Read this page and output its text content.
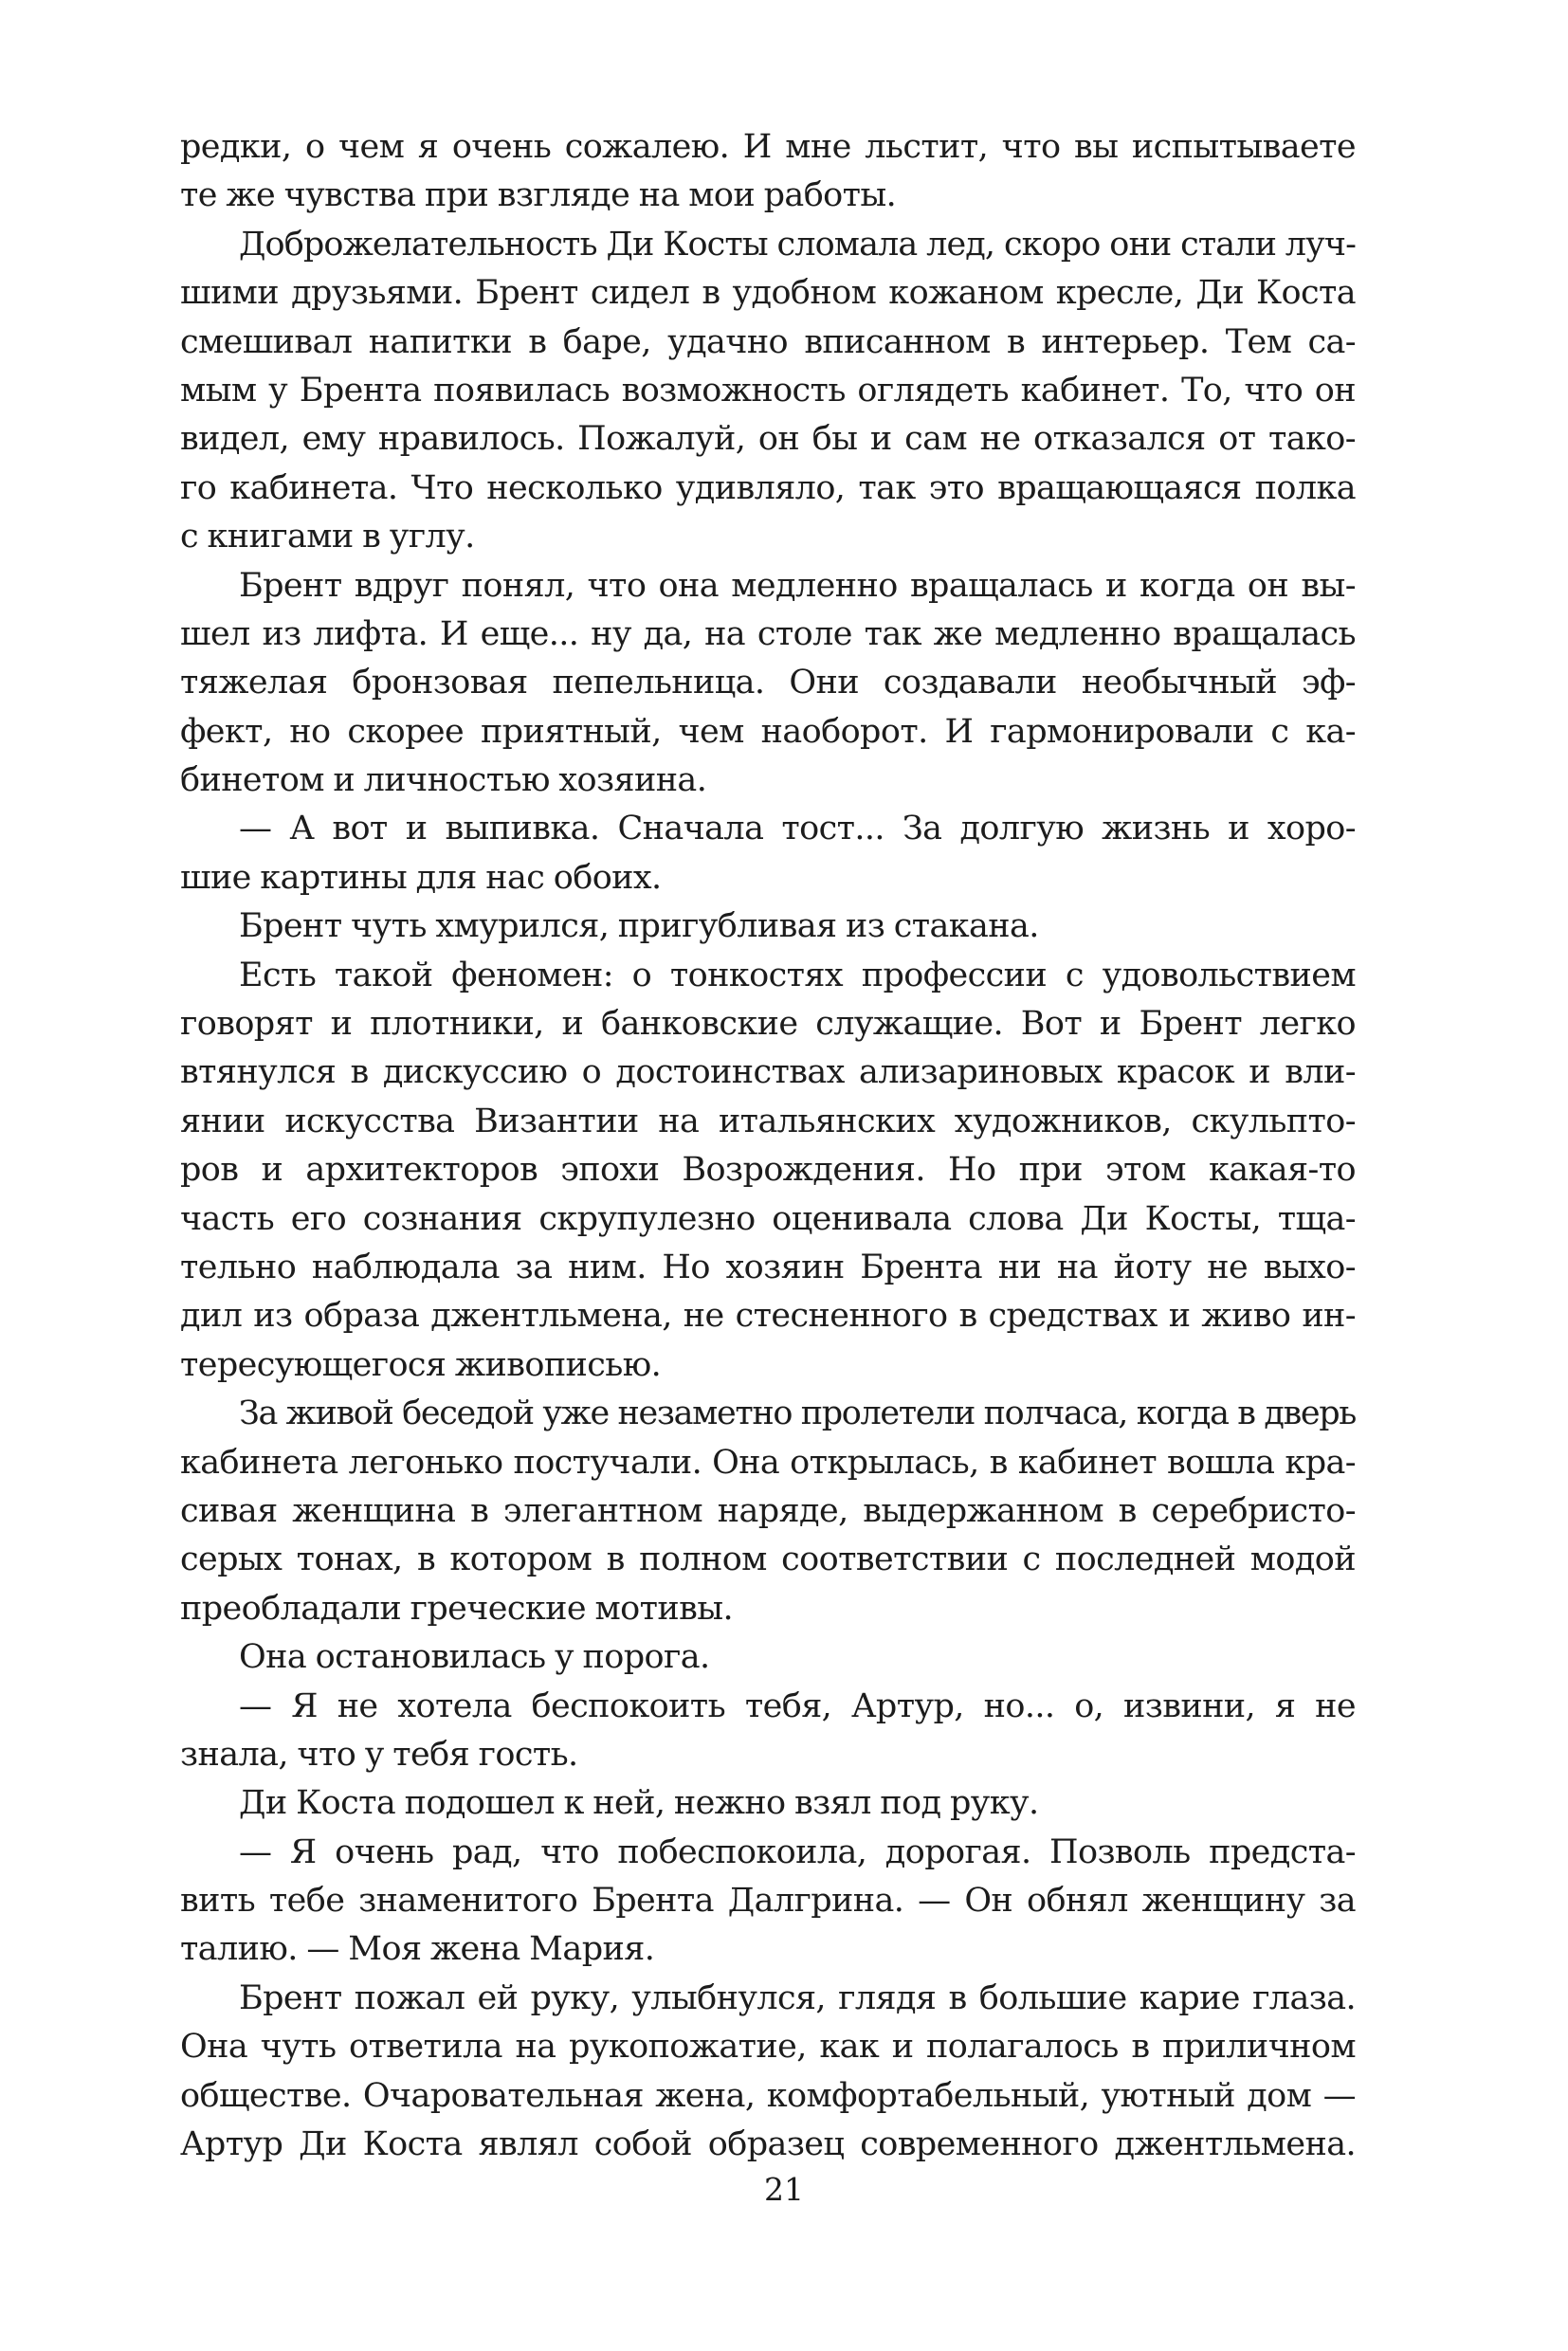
редки, о чем я очень сожалею. И мне льстит, что вы испытываете
те же чувства при взгляде на мои работы.
Доброжелательность Ди Косты сломала лед, скоро они стали луч-
шими друзьями. Брент сидел в удобном кожаном кресле, Ди Коста
смешивал напитки в баре, удачно вписанном в интерьер. Тем са-
мым у Брента появилась возможность оглядеть кабинет. То, что он
видел, ему нравилось. Пожалуй, он бы и сам не отказался от тако-
го кабинета. Что несколько удивляло, так это вращающаяся полка
с книгами в углу.
Брент вдруг понял, что она медленно вращалась и когда он вы-
шел из лифта. И еще... ну да, на столе так же медленно вращалась
тяжелая бронзовая пепельница. Они создавали необычный эф-
фект, но скорее приятный, чем наоборот. И гармонировали с ка-
бинетом и личностью хозяина.
— А вот и выпивка. Сначала тост... За долгую жизнь и хоро-
шие картины для нас обоих.
Брент чуть хмурился, пригубливая из стакана.
Есть такой феномен: о тонкостях профессии с удовольствием
говорят и плотники, и банковские служащие. Вот и Брент легко
втянулся в дискуссию о достоинствах ализариновых красок и вли-
янии искусства Византии на итальянских художников, скульпто-
ров и архитекторов эпохи Возрождения. Но при этом какая-то
часть его сознания скрупулезно оценивала слова Ди Косты, тща-
тельно наблюдала за ним. Но хозяин Брента ни на йоту не выхо-
дил из образа джентльмена, не стесненного в средствах и живо ин-
тересующегося живописью.
За живой беседой уже незаметно пролетели полчаса, когда в дверь
кабинета легонько постучали. Она открылась, в кабинет вошла кра-
сивая женщина в элегантном наряде, выдержанном в серебристо-
серых тонах, в котором в полном соответствии с последней модой
преобладали греческие мотивы.
Она остановилась у порога.
— Я не хотела беспокоить тебя, Артур, но... о, извини, я не
знала, что у тебя гость.
Ди Коста подошел к ней, нежно взял под руку.
— Я очень рад, что побеспокоила, дорогая. Позволь предста-
вить тебе знаменитого Брента Далгрина. — Он обнял женщину за
талию. — Моя жена Мария.
Брент пожал ей руку, улыбнулся, глядя в большие карие глаза.
Она чуть ответила на рукопожатие, как и полагалось в приличном
обществе. Очаровательная жена, комфортабельный, уютный дом —
Артур Ди Коста являл собой образец современного джентльмена.
21
